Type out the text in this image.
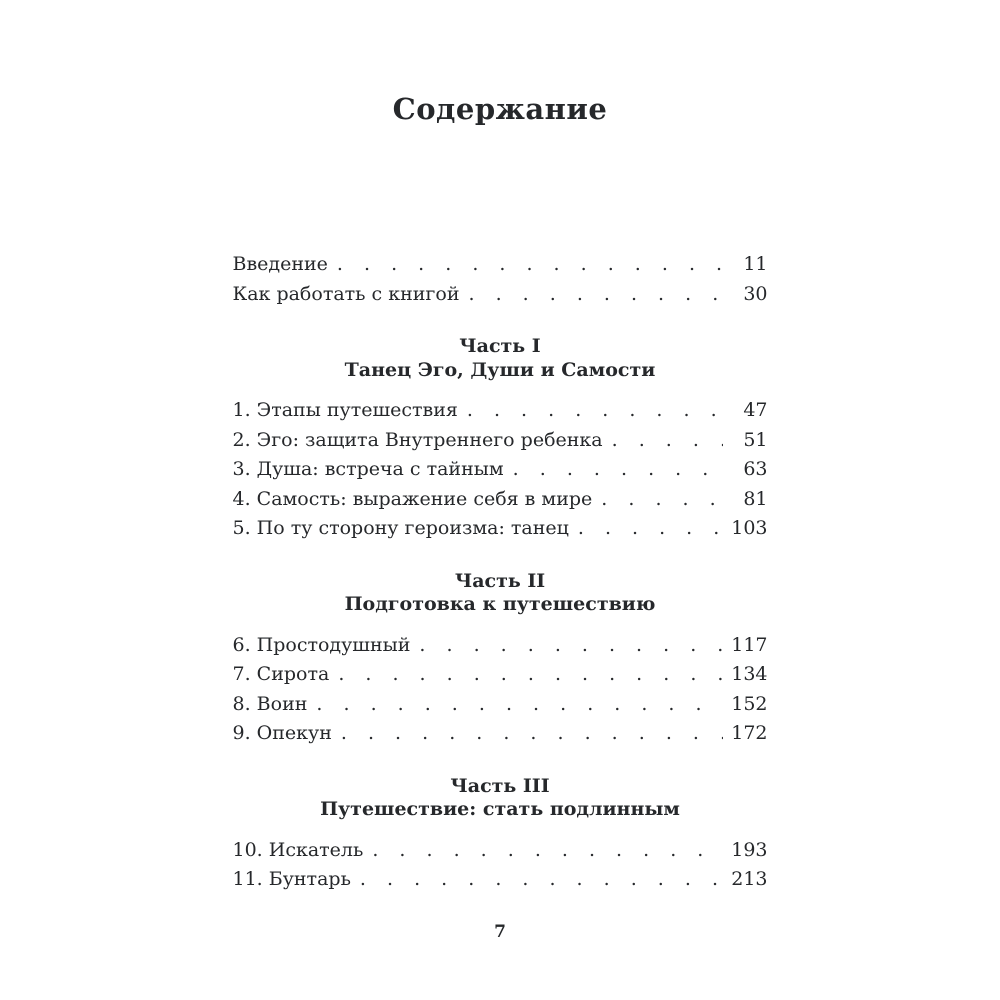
Содержание
Введение . . .	11
Как работать с книгой . . .	30
Часть I
Танец Эго, Души и Самости
1. Этапы путешествия . . .	47
2. Эго: защита Внутреннего ребенка . . .	51
3. Душа: встреча с тайным . . .	63
4. Самость: выражение себя в мире . . .	81
5. По ту сторону героизма: танец . . .	103
Часть II
Подготовка к путешествию
6. Простодушный . . .	117
7. Сирота . . .	134
8. Воин . . .	152
9. Опекун . . .	172
Часть III
Путешествие: стать подлинным
10. Искатель . . .	193
11. Бунтарь . . .	213
7
